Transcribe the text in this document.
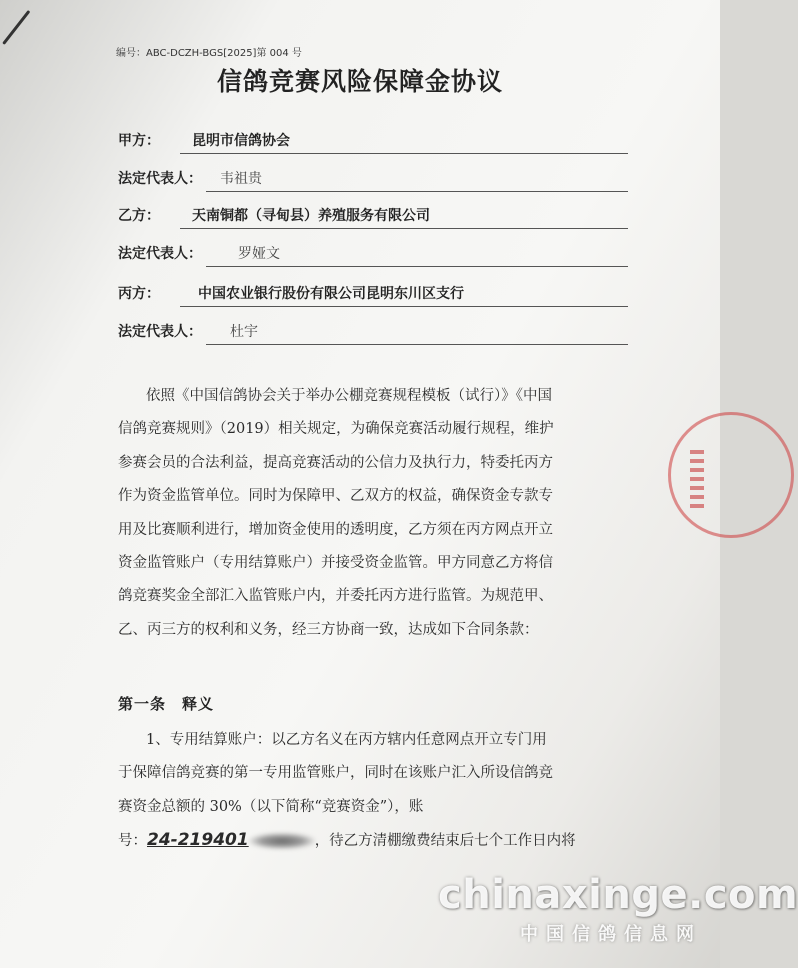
编号：ABC-DCZH-BGS[2025]第 004 号
信鸽竞赛风险保障金协议
甲方： 昆明市信鸽协会
法定代表人： 韦祖贵
乙方： 天南铜都（寻甸县）养殖服务有限公司
法定代表人：	罗娅文
丙方：	中国农业银行股份有限公司昆明东川区支行
法定代表人： 杜宇
依照《中国信鸽协会关于举办公棚竞赛规程模板（试行）》《中国
信鸽竞赛规则》（2019）相关规定，为确保竞赛活动履行规程，维护
参赛会员的合法利益，提高竞赛活动的公信力及执行力，特委托丙方
作为资金监管单位。同时为保障甲、乙双方的权益，确保资金专款专
用及比赛顺利进行，增加资金使用的透明度，乙方须在丙方网点开立
资金监管账户（专用结算账户）并接受资金监管。甲方同意乙方将信
鸽竞赛奖金全部汇入监管账户内，并委托丙方进行监管。为规范甲、
乙、丙三方的权利和义务，经三方协商一致，达成如下合同条款：
第一条　释义
1、专用结算账户：以乙方名义在丙方辖内任意网点开立专门用
于保障信鸽竞赛的第一专用监管账户，同时在该账户汇入所设信鸽竞
赛资金总额的 30%（以下简称“竞赛资金”），账
号：24-219401	，待乙方清棚缴费结束后七个工作日内将
chinaxinge.com
中国信鸽信息网
